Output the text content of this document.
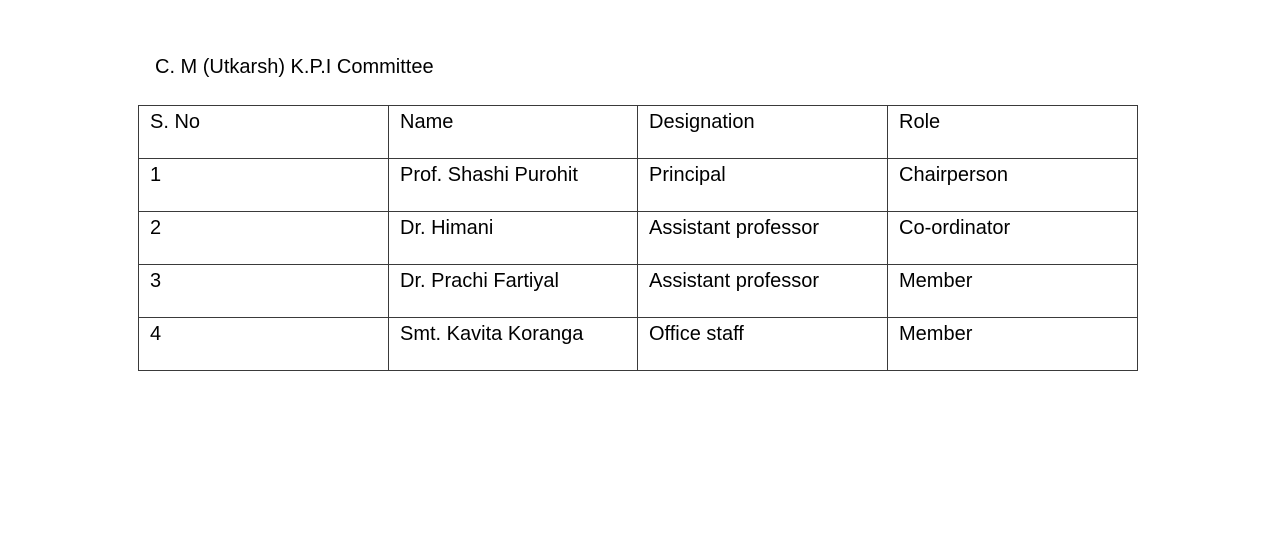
C. M (Utkarsh) K.P.I Committee
S. No	Name	Designation	Role
1	Prof. Shashi Purohit	Principal	Chairperson
2	Dr. Himani	Assistant professor	Co-ordinator
3	Dr. Prachi Fartiyal	Assistant professor	Member
4	Smt. Kavita Koranga	Office staff	Member
